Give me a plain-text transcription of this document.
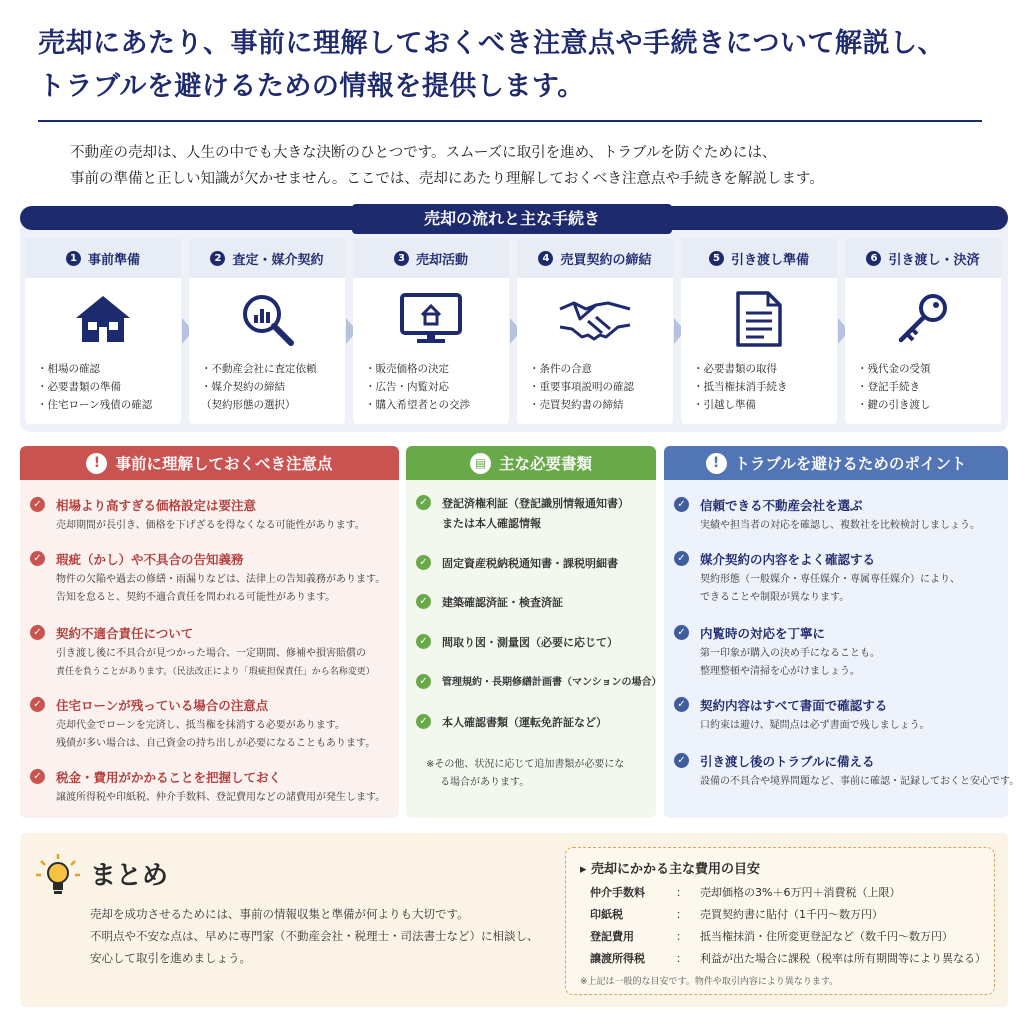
売却にあたり、事前に理解しておくべき注意点や手続きについて解説し、
トラブルを避けるための情報を提供します。
不動産の売却は、人生の中でも大きな決断のひとつです。スムーズに取引を進め、トラブルを防ぐためには、
事前の準備と正しい知識が欠かせません。ここでは、売却にあたり理解しておくべき注意点や手続きを解説します。
売却の流れと主な手続き
1 事前準備
・相場の確認
・必要書類の準備
・住宅ローン残債の確認
2 査定・媒介契約
・不動産会社に査定依頼
・媒介契約の締結
（契約形態の選択）
3 売却活動
・販売価格の決定
・広告・内覧対応
・購入希望者との交渉
4 売買契約の締結
・条件の合意
・重要事項説明の確認
・売買契約書の締結
5 引き渡し準備
・必要書類の取得
・抵当権抹消手続き
・引越し準備
6 引き渡し・決済
・残代金の受領
・登記手続き
・鍵の引き渡し
! 事前に理解しておくべき注意点
✓ 相場より高すぎる価格設定は要注意
売却期間が長引き、価格を下げざるを得なくなる可能性があります。
✓ 瑕疵（かし）や不具合の告知義務
物件の欠陥や過去の修繕・雨漏りなどは、法律上の告知義務があります。
告知を怠ると、契約不適合責任を問われる可能性があります。
✓ 契約不適合責任について
引き渡し後に不具合が見つかった場合、一定期間、修補や損害賠償の
責任を負うことがあります。（民法改正により「瑕疵担保責任」から名称変更）
✓ 住宅ローンが残っている場合の注意点
売却代金でローンを完済し、抵当権を抹消する必要があります。
残債が多い場合は、自己資金の持ち出しが必要になることもあります。
✓ 税金・費用がかかることを把握しておく
譲渡所得税や印紙税、仲介手数料、登記費用などの諸費用が発生します。
▤ 主な必要書類
✓	登記済権利証（登記識別情報通知書）
または本人確認情報
✓	固定資産税納税通知書・課税明細書
✓	建築確認済証・検査済証
✓	間取り図・測量図（必要に応じて）
✓	管理規約・長期修繕計画書（マンションの場合）
✓	本人確認書類（運転免許証など）
※その他、状況に応じて追加書類が必要にな
る場合があります。
! トラブルを避けるためのポイント
✓ 信頼できる不動産会社を選ぶ
実績や担当者の対応を確認し、複数社を比較検討しましょう。
✓ 媒介契約の内容をよく確認する
契約形態（一般媒介・専任媒介・専属専任媒介）により、
できることや制限が異なります。
✓ 内覧時の対応を丁寧に
第一印象が購入の決め手になることも。
整理整頓や清掃を心がけましょう。
✓ 契約内容はすべて書面で確認する
口約束は避け、疑問点は必ず書面で残しましょう。
✓ 引き渡し後のトラブルに備える
設備の不具合や境界問題など、事前に確認・記録しておくと安心です。
まとめ
売却を成功させるためには、事前の情報収集と準備が何よりも大切です。
不明点や不安な点は、早めに専門家（不動産会社・税理士・司法書士など）に相談し、
安心して取引を進めましょう。
▸ 売却にかかる主な費用の目安
仲介手数料	： 売却価格の3%＋6万円＋消費税（上限）
印紙税	： 売買契約書に貼付（1千円〜数万円）
登記費用	： 抵当権抹消・住所変更登記など（数千円〜数万円）
譲渡所得税	： 利益が出た場合に課税（税率は所有期間等により異なる）
※上記は一般的な目安です。物件や取引内容により異なります。
